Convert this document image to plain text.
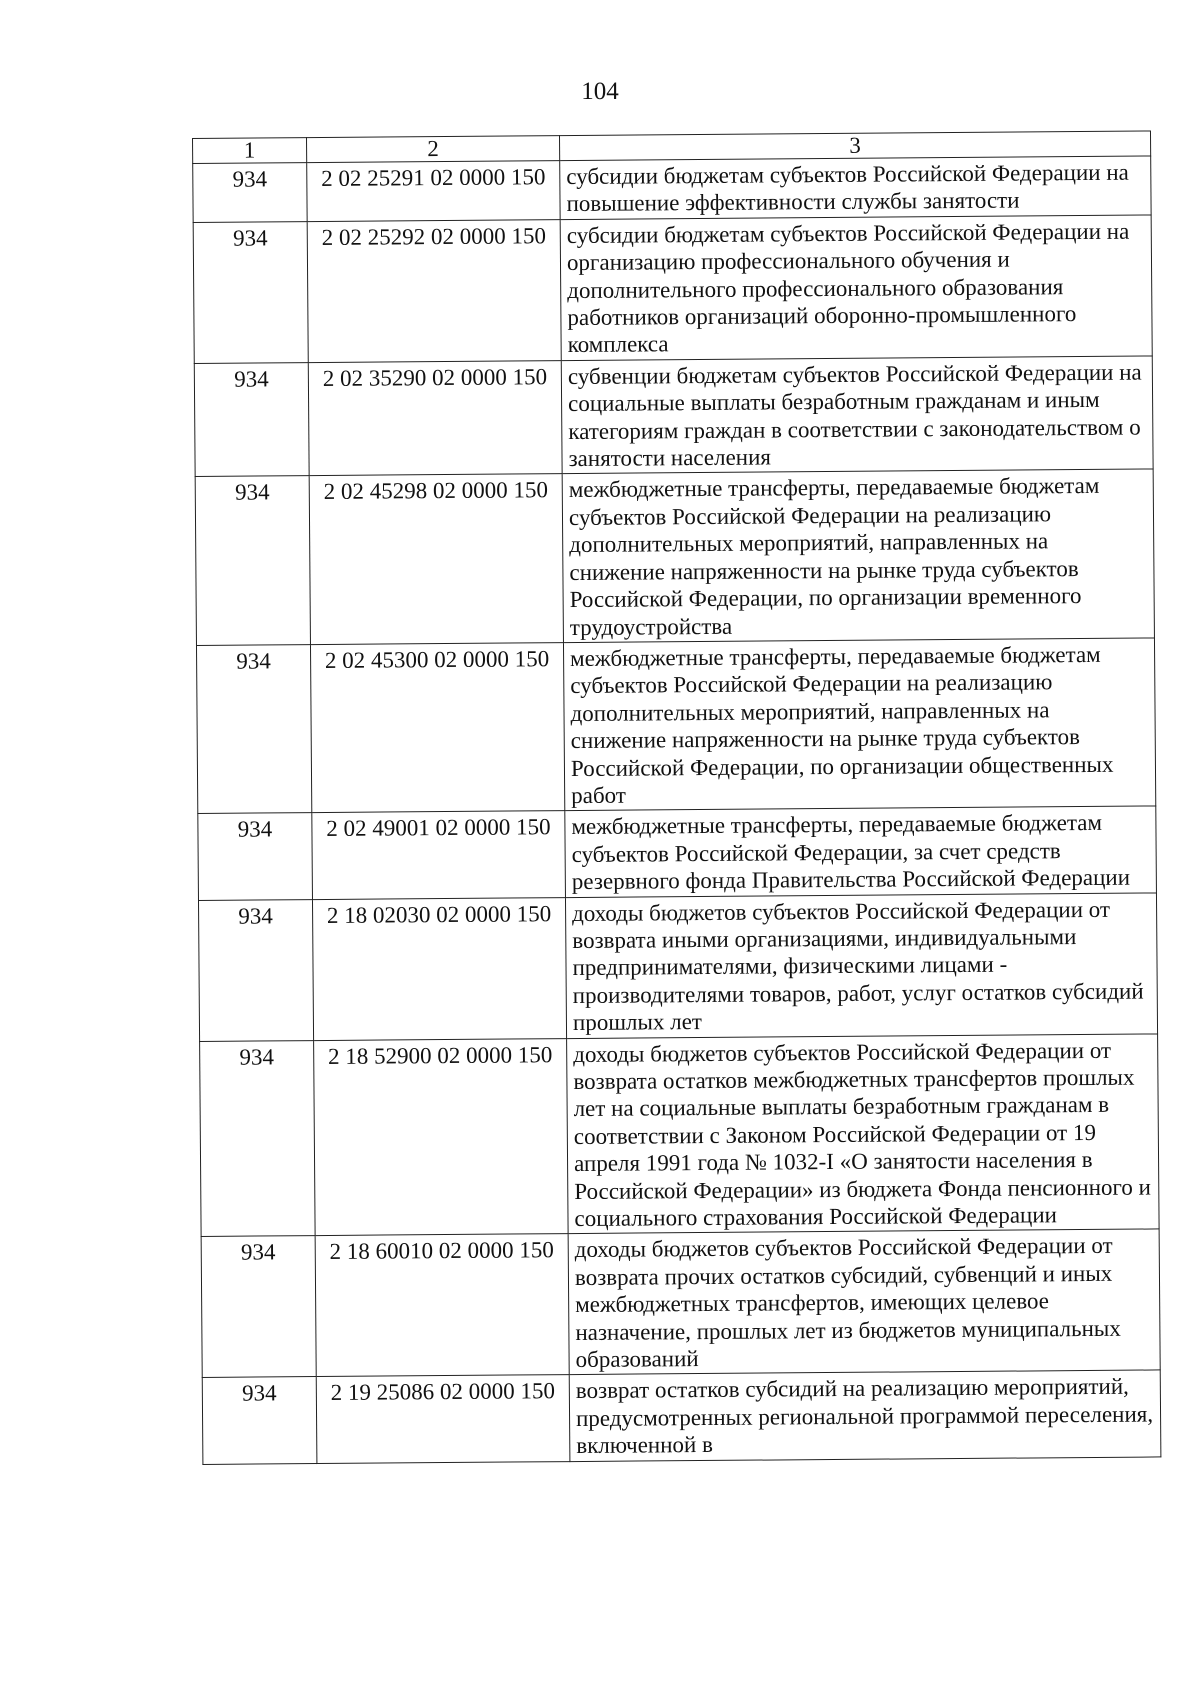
104
1	2	3
934	2 02 25291 02 0000 150	субсидии бюджетам субъектов Российской Федерации на повышение эффективности службы занятости
934	2 02 25292 02 0000 150	субсидии бюджетам субъектов Российской Федерации на организацию профессионального обучения и дополнительного профессионального образования работников организаций оборонно-промышленного комплекса
934	2 02 35290 02 0000 150	субвенции бюджетам субъектов Российской Федерации на социальные выплаты безработным гражданам и иным категориям граждан в соответствии с законодательством о занятости населения
934	2 02 45298 02 0000 150	межбюджетные трансферты, передаваемые бюджетам субъектов Российской Федерации на реализацию дополнительных мероприятий, направленных на снижение напряженности на рынке труда субъектов Российской Федерации, по организации временного трудоустройства
934	2 02 45300 02 0000 150	межбюджетные трансферты, передаваемые бюджетам субъектов Российской Федерации на реализацию дополнительных мероприятий, направленных на снижение напряженности на рынке труда субъектов Российской Федерации, по организации общественных работ
934	2 02 49001 02 0000 150	межбюджетные трансферты, передаваемые бюджетам субъектов Российской Федерации, за счет средств резервного фонда Правительства Российской Федерации
934	2 18 02030 02 0000 150	доходы бюджетов субъектов Российской Федерации от возврата иными организациями, индивидуальными предпринимателями, физическими лицами - производителями товаров, работ, услуг остатков субсидий прошлых лет
934	2 18 52900 02 0000 150	доходы бюджетов субъектов Российской Федерации от возврата остатков межбюджетных трансфертов прошлых лет на социальные выплаты безработным гражданам в соответствии с Законом Российской Федерации от 19 апреля 1991 года № 1032-I «О занятости населения в Российской Федерации» из бюджета Фонда пенсионного и социального страхования Российской Федерации
934	2 18 60010 02 0000 150	доходы бюджетов субъектов Российской Федерации от возврата прочих остатков субсидий, субвенций и иных межбюджетных трансфертов, имеющих целевое назначение, прошлых лет из бюджетов муниципальных образований
934	2 19 25086 02 0000 150	возврат остатков субсидий на реализацию мероприятий, предусмотренных региональной программой переселения, включенной в
